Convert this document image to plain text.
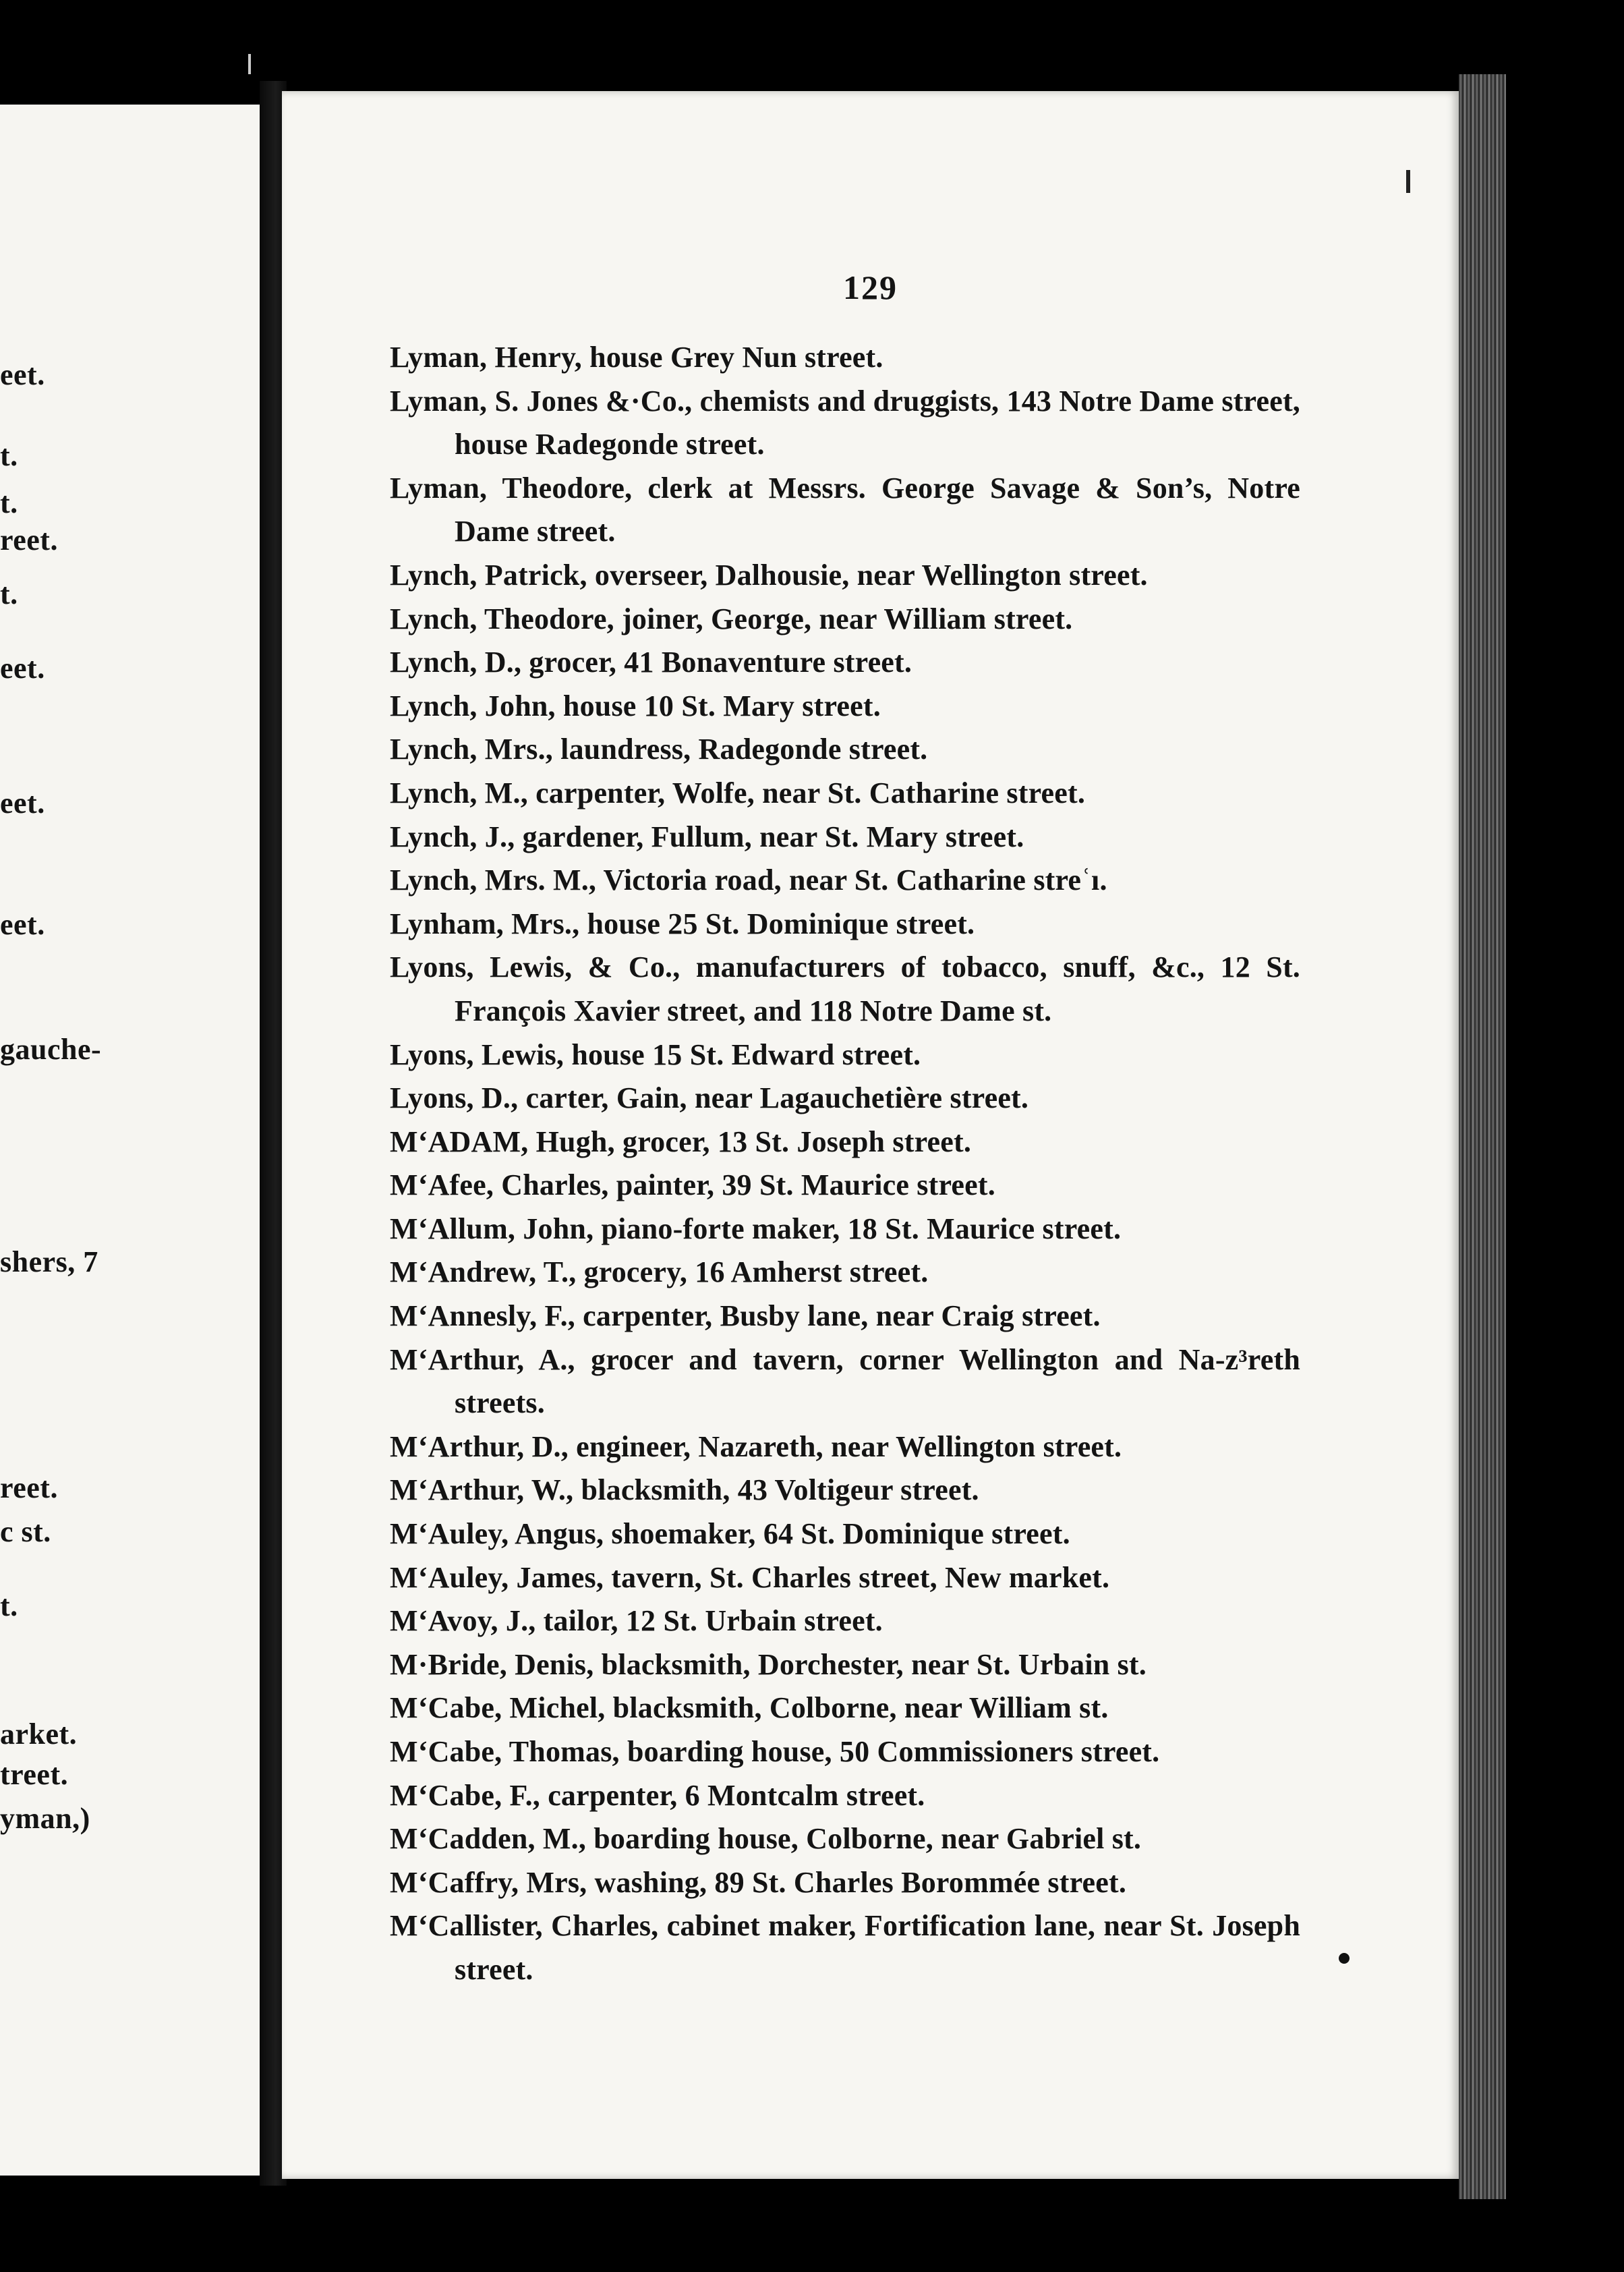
eet.
t.
t.
reet.
t.
eet.
eet.
eet.
gauche-
shers, 7
reet.
c st.
t.
arket.
treet.
yman,)
129

Lyman, Henry, house Grey Nun street.

Lyman, S. Jones &·Co., chemists and druggists, 143 Notre Dame street, house Radegonde street.

Lyman, Theodore, clerk at Messrs. George Savage & Son’s, Notre Dame street.

Lynch, Patrick, overseer, Dalhousie, near Wellington street.

Lynch, Theodore, joiner, George, near William street.

Lynch, D., grocer, 41 Bonaventure street.

Lynch, John, house 10 St. Mary street.

Lynch, Mrs., laundress, Radegonde street.

Lynch, M., carpenter, Wolfe, near St. Catharine street.

Lynch, J., gardener, Fullum, near St. Mary street.

Lynch, Mrs. M., Victoria road, near St. Catharine streʿı.

Lynham, Mrs., house 25 St. Dominique street.

Lyons, Lewis, & Co., manufacturers of tobacco, snuff, &c., 12 St. François Xavier street, and 118 Notre Dame st.

Lyons, Lewis, house 15 St. Edward street.

Lyons, D., carter, Gain, near Lagauchetière street.

M‘ADAM, Hugh, grocer, 13 St. Joseph street.

M‘Afee, Charles, painter, 39 St. Maurice street.

M‘Allum, John, piano-forte maker, 18 St. Maurice street.

M‘Andrew, T., grocery, 16 Amherst street.

M‘Annesly, F., carpenter, Busby lane, near Craig street.

M‘Arthur, A., grocer and tavern, corner Wellington and Na-z³reth streets.

M‘Arthur, D., engineer, Nazareth, near Wellington street.

M‘Arthur, W., blacksmith, 43 Voltigeur street.

M‘Auley, Angus, shoemaker, 64 St. Dominique street.

M‘Auley, James, tavern, St. Charles street, New market.

M‘Avoy, J., tailor, 12 St. Urbain street.

M·Bride, Denis, blacksmith, Dorchester, near St. Urbain st.

M‘Cabe, Michel, blacksmith, Colborne, near William st.

M‘Cabe, Thomas, boarding house, 50 Commissioners street.

M‘Cabe, F., carpenter, 6 Montcalm street.

M‘Cadden, M., boarding house, Colborne, near Gabriel st.

M‘Caffry, Mrs, washing, 89 St. Charles Borommée street.

M‘Callister, Charles, cabinet maker, Fortification lane, near St. Joseph street.
